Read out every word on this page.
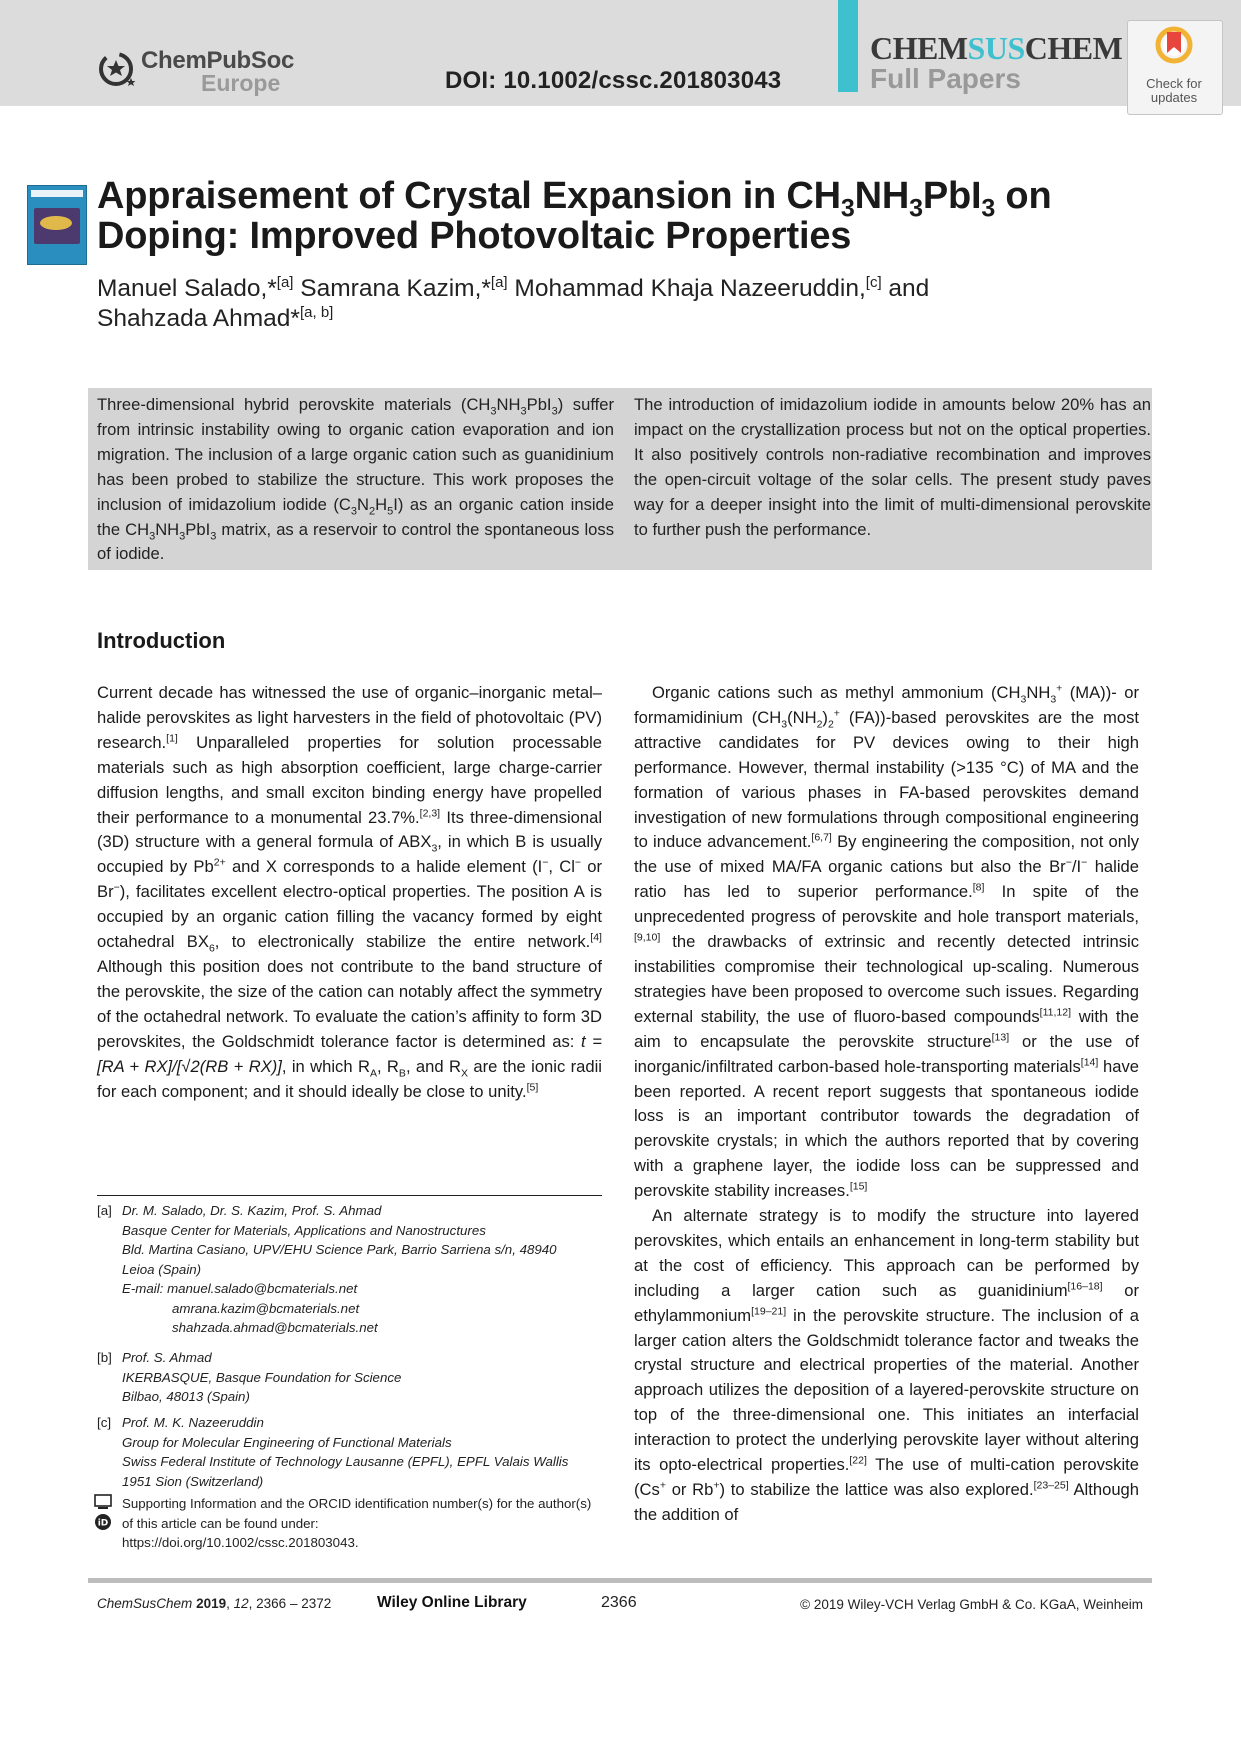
ChemPubSoc
Europe	DOI: 10.1002/cssc.201803043
CHEMSUSCHEM
Full Papers	Check for
updates
Appraisement of Crystal Expansion in $CH_3NH_3PbI_3$ on
Doping: Improved Photovoltaic Properties
Manuel Salado,*[a] Samrana Kazim,*[a] Mohammad Khaja Nazeeruddin,[c] and
Shahzada Ahmad*[a, b]
Three-dimensional hybrid perovskite materials $(CH_3NH_3PbI_3)$ suffer from intrinsic instability owing to organic cation evaporation and ion migration. The inclusion of a large organic cation such as guanidinium has been probed to stabilize the structure. This work proposes the inclusion of imidazolium iodide $(C_3N_2H_5I)$ as an organic cation inside the $CH_3NH_3PbI_3$ matrix, as a reservoir to control the spontaneous loss of iodide.
The introduction of imidazolium iodide in amounts below 20% has an impact on the crystallization process but not on the optical properties. It also positively controls non-radiative recombination and improves the open-circuit voltage of the solar cells. The present study paves way for a deeper insight into the limit of multi-dimensional perovskite to further push the performance.
Introduction

Current decade has witnessed the use of organic–inorganic metal–halide perovskites as light harvesters in the field of photovoltaic (PV) research.[1] Unparalleled properties for solution processable materials such as high absorption coefficient, large charge-carrier diffusion lengths, and small exciton binding energy have propelled their performance to a monumental 23.7%.[2,3] Its three-dimensional (3D) structure with a general formula of $ABX_3$, in which B is usually occupied by $Pb^{2+}$ and X corresponds to a halide element (I−, Cl− or Br−), facilitates excellent electro-optical properties. The position A is occupied by an organic cation filling the vacancy formed by eight octahedral $BX_6$, to electronically stabilize the entire network.[4] Although this position does not contribute to the band structure of the perovskite, the size of the cation can notably affect the symmetry of the octahedral network. To evaluate the cation’s affinity to form 3D perovskites, the Goldschmidt tolerance factor is determined as: t = [RA + RX]/[√2(RB + RX)], in which $R_A$, $R_B$, and $R_X$ are the ionic radii for each component; and it should ideally be close to unity.[5]

Organic cations such as methyl ammonium ($CH_3NH_3^+$ (MA))- or formamidinium ($CH_3(NH_2)_2^+$ (FA))-based perovskites are the most attractive candidates for PV devices owing to their high performance. However, thermal instability (>135 °C) of MA and the formation of various phases in FA-based perovskites demand investigation of new formulations through compositional engineering to induce advancement.[6,7] By engineering the composition, not only the use of mixed MA/FA organic cations but also the Br−/I− halide ratio has led to superior performance.[8] In spite of the unprecedented progress of perovskite and hole transport materials,[9,10] the drawbacks of extrinsic and recently detected intrinsic instabilities compromise their technological up-scaling. Numerous strategies have been proposed to overcome such issues. Regarding external stability, the use of fluoro-based compounds[11,12] with the aim to encapsulate the perovskite structure[13] or the use of inorganic/infiltrated carbon-based hole-transporting materials[14] have been reported. A recent report suggests that spontaneous iodide loss is an important contributor towards the degradation of perovskite crystals; in which the authors reported that by covering with a graphene layer, the iodide loss can be suppressed and perovskite stability increases.[15]

An alternate strategy is to modify the structure into layered perovskites, which entails an enhancement in long-term stability but at the cost of efficiency. This approach can be performed by including a larger cation such as guanidinium[16–18] or ethylammonium[19–21] in the perovskite structure. The inclusion of a larger cation alters the Goldschmidt tolerance factor and tweaks the crystal structure and electrical properties of the material. Another approach utilizes the deposition of a layered-perovskite structure on top of the three-dimensional one. This initiates an interfacial interaction to protect the underlying perovskite layer without altering its opto-electrical properties.[22] The use of multi-cation perovskite (Cs+ or Rb+) to stabilize the lattice was also explored.[23–25] Although the addition of

[a] Dr. M. Salado, Dr. S. Kazim, Prof. S. Ahmad
Basque Center for Materials, Applications and Nanostructures
Bld. Martina Casiano, UPV/EHU Science Park, Barrio Sarriena s/n, 48940
Leioa (Spain)
E-mail: manuel.salado@bcmaterials.net
amrana.kazim@bcmaterials.net
shahzada.ahmad@bcmaterials.net
[b] Prof. S. Ahmad
IKERBASQUE, Basque Foundation for Science
Bilbao, 48013 (Spain)
[c] Prof. M. K. Nazeeruddin
Group for Molecular Engineering of Functional Materials
Swiss Federal Institute of Technology Lausanne (EPFL), EPFL Valais Wallis
1951 Sion (Switzerland)
iD
Supporting Information and the ORCID identification number(s) for the author(s) of this article can be found under:
https://doi.org/10.1002/cssc.201803043.
ChemSusChem 2019, 12, 2366 – 2372	Wiley Online Library	2366	© 2019 Wiley-VCH Verlag GmbH & Co. KGaA, Weinheim
